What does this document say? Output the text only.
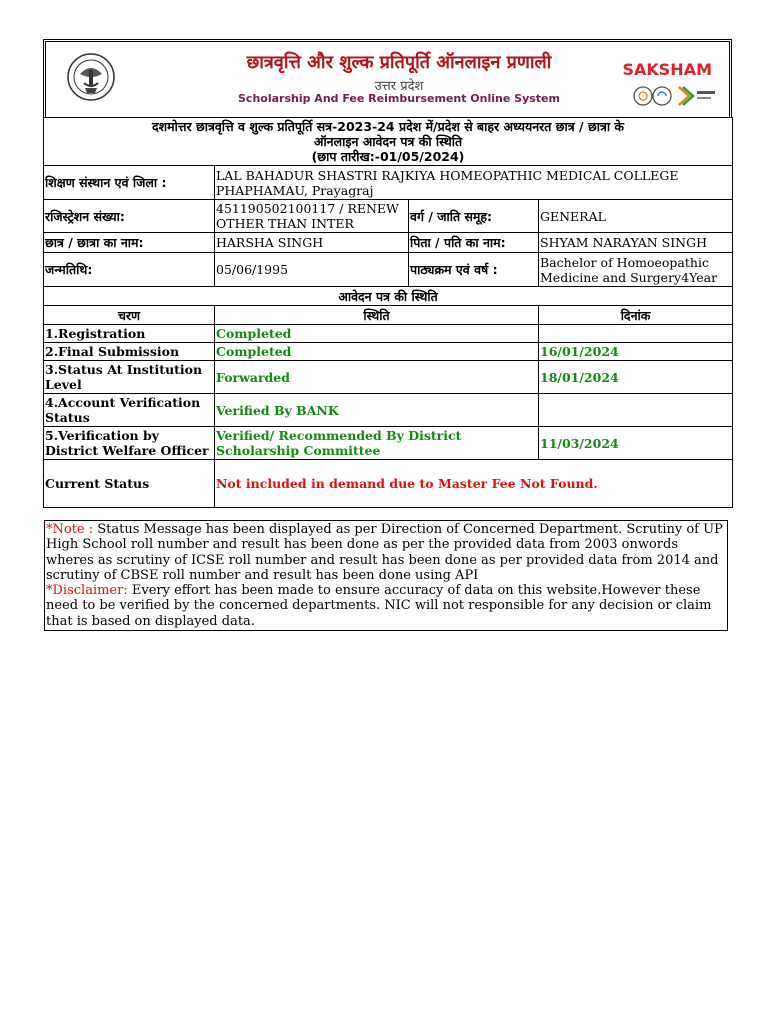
छात्रवृत्ति और शुल्क प्रतिपूर्ति ऑनलाइन प्रणाली
उत्तर प्रदेश
Scholarship And Fee Reimbursement Online System
SAKSHAM
दशमोत्तर छात्रवृत्ति व शुल्क प्रतिपूर्ति सत्र-2023-24 प्रदेश में/प्रदेश से बाहर अध्ययनरत छात्र / छात्रा के
ऑनलाइन आवेदन पत्र की स्थिति
(छाप तारीख:-01/05/2024)			

शिक्षण संस्थान एवं जिला :	LAL BAHADUR SHASTRI RAJKIYA HOMEOPATHIC MEDICAL COLLEGE PHAPHAMAU, Prayagraj		
रजिस्ट्रेशन संख्या:	451190502100117 / RENEW OTHER THAN INTER	वर्ग / जाति समूह:	GENERAL
छात्र / छात्रा का नाम:	HARSHA SINGH	पिता / पति का नाम:	SHYAM NARAYAN SINGH
जन्मतिथि:	05/06/1995	पाठ्यक्रम एवं वर्ष :	Bachelor of Homoeopathic Medicine and Surgery4Year
आवेदन पत्र की स्थिति			
चरण	स्थिति		दिनांक
1.Registration	Completed		
2.Final Submission	Completed		16/01/2024
3.Status At Institution Level	Forwarded		18/01/2024
4.Account Verification Status	Verified By BANK		
5.Verification by District Welfare Officer	Verified/ Recommended By District Scholarship Committee		11/03/2024
Current Status	Not included in demand due to Master Fee Not Found.		
*Note : Status Message has been displayed as per Direction of Concerned Department. Scrutiny of UP High School roll number and result has been done as per the provided data from 2003 onwords wheres as scrutiny of ICSE roll number and result has been done as per provided data from 2014 and scrutiny of CBSE roll number and result has been done using API
*Disclaimer: Every effort has been made to ensure accuracy of data on this website.However these need to be verified by the concerned departments. NIC will not responsible for any decision or claim that is based on displayed data.
